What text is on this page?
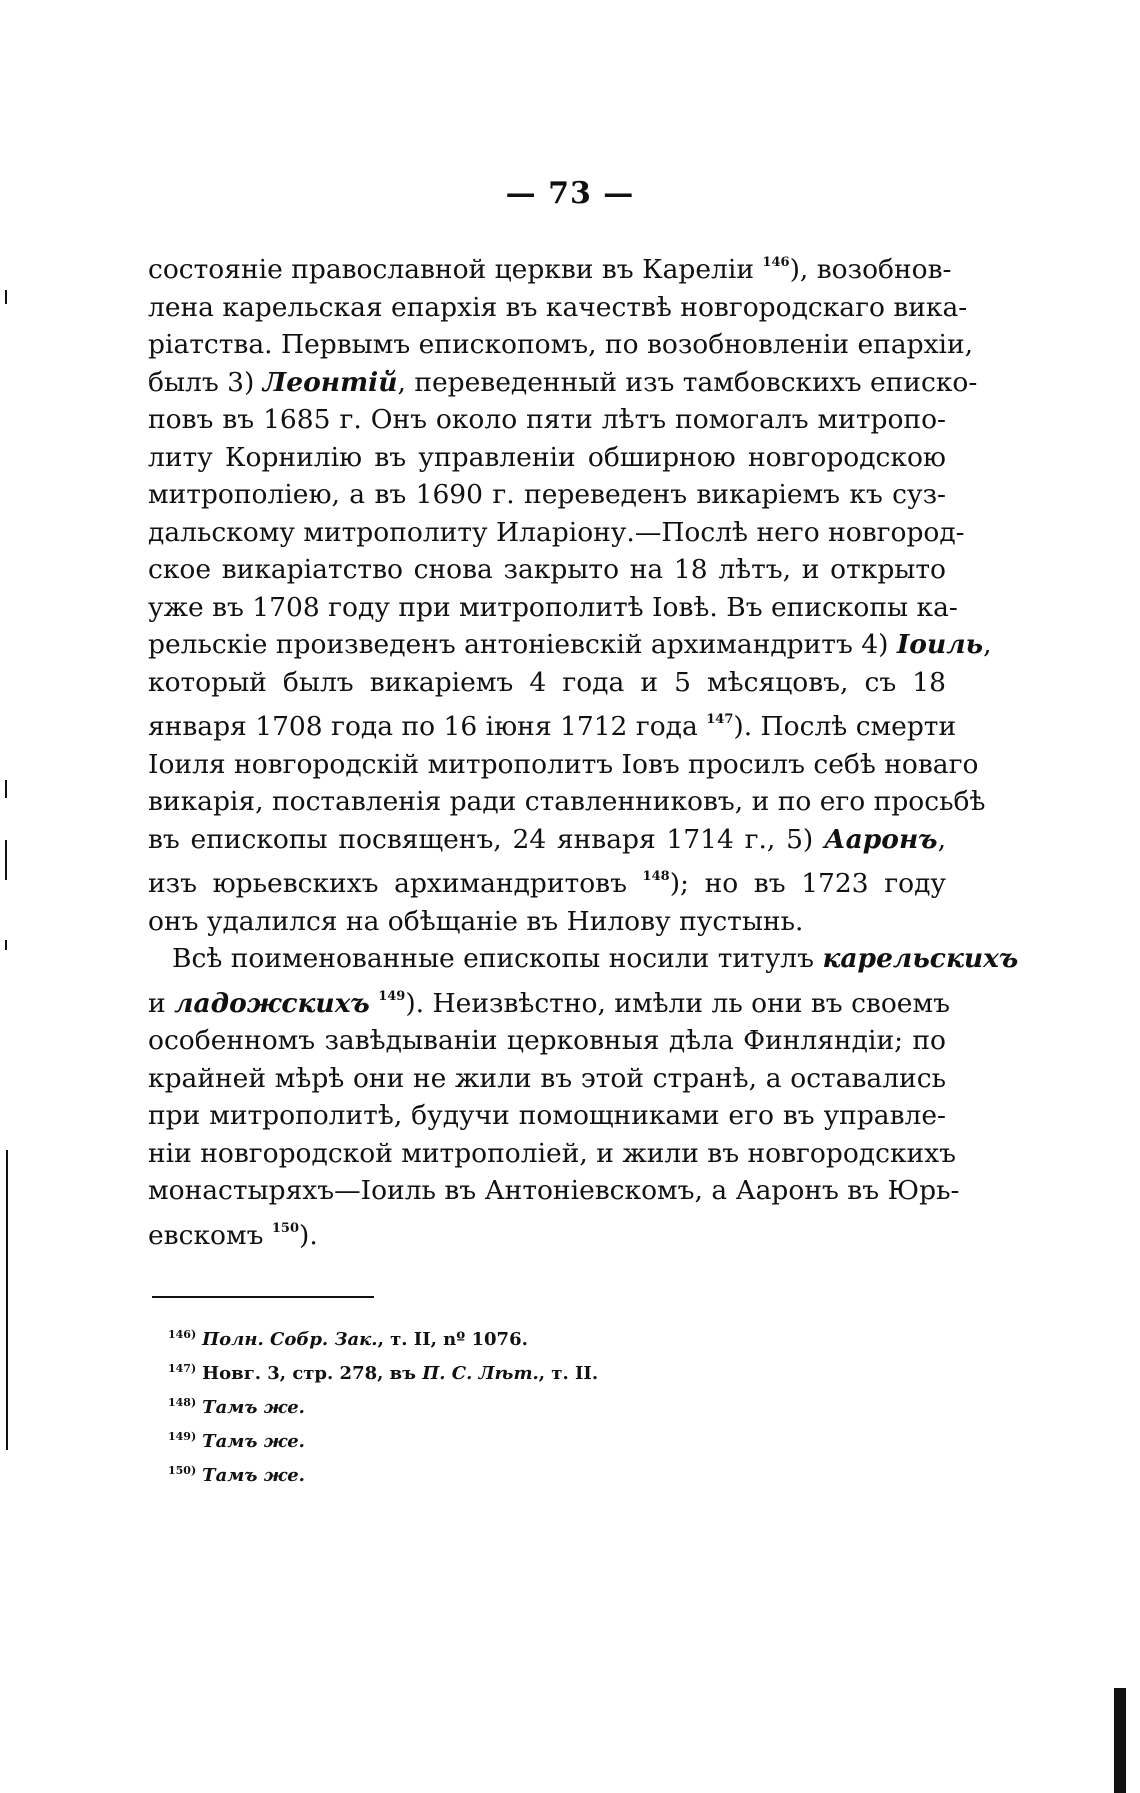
— 73 —

состояніе православной церкви въ Кареліи $^{146}$), возобнов-
лена карельская епархія въ качествѣ новгородскаго вика-
ріатства. Первымъ епископомъ, по возобновленіи епархіи,
былъ 3) Леонтій, переведенный изъ тамбовскихъ еписко-
повъ въ 1685 г. Онъ около пяти лѣтъ помогалъ митропо-
литу Корнилію въ управленіи обширною новгородскою
митрополіею, а въ 1690 г. переведенъ викаріемъ къ суз-
дальскому митрополиту Иларіону.—Послѣ него новгород-
ское викаріатство снова закрыто на 18 лѣтъ, и открыто
уже въ 1708 году при митрополитѣ Іовѣ. Въ епископы ка-
рельскіе произведенъ антоніевскій архимандритъ 4) Іоиль,
который былъ викаріемъ 4 года и 5 мѣсяцовъ, съ 18
января 1708 года по 16 іюня 1712 года $^{147}$). Послѣ смерти
Іоиля новгородскій митрополитъ Іовъ просилъ себѣ новаго
викарія, поставленія ради ставленниковъ, и по его просьбѣ
въ епископы посвященъ, 24 января 1714 г., 5) Ааронъ,
изъ юрьевскихъ архимандритовъ $^{148}$); но въ 1723 году
онъ удалился на обѣщаніе въ Нилову пустынь.

Всѣ поименованные епископы носили титулъ карельскихъ
и ладожскихъ $^{149}$). Неизвѣстно, имѣли ль они въ своемъ
особенномъ завѣдываніи церковныя дѣла Финляндіи; по
крайней мѣрѣ они не жили въ этой странѣ, а оставались
при митрополитѣ, будучи помощниками его въ управле-
ніи новгородской митрополіей, и жили въ новгородскихъ
монастыряхъ—Іоиль въ Антоніевскомъ, а Ааронъ въ Юрь-
евскомъ $^{150}$).

$^{146)}$ Полн. Собр. Зак., т. II, nº 1076.
$^{147)}$ Новг. 3, стр. 278, въ П. С. Лѣт., т. II.
$^{148)}$ Тамъ же.
$^{149)}$ Тамъ же.
$^{150)}$ Тамъ же.
